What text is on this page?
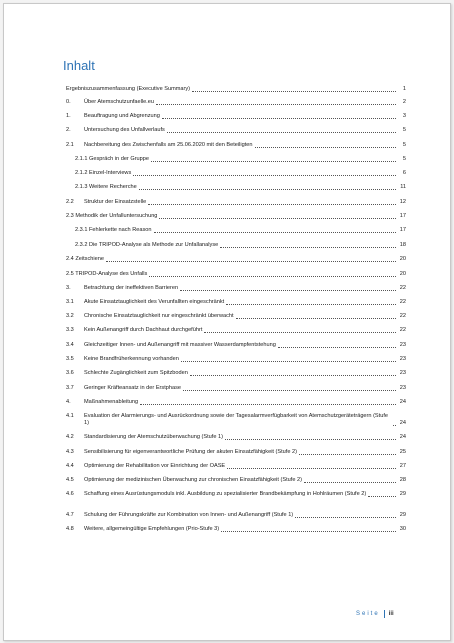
Inhalt
Ergebniszusammenfassung (Executive Summary)	1
0.	Über Atemschutzunfaelle.eu	2
1.	Beauftragung und Abgrenzung	3
2.	Untersuchung des Unfallverlaufs	5
2.1	Nachbereitung des Zwischenfalls am 25.06.2020 mit den Beteiligten	5
2.1.1 Gespräch in der Gruppe	5
2.1.2 Einzel-Interviews	6
2.1.3 Weitere Recherche	11
2.2	Struktur der Einsatzstelle	12
2.3 Methodik der Unfalluntersuchung	17
2.3.1 Fehlerkette nach Reason	17
2.3.2 Die TRIPOD-Analyse als Methode zur Unfallanalyse	18
2.4 Zeitschiene	20
2.5 TRIPOD-Analyse des Unfalls	20
3.	Betrachtung der ineffektiven Barrieren	22
3.1	Akute Einsatztauglichkeit des Verunfallten eingeschränkt	22
3.2	Chronische Einsatztauglichkeit nur eingeschränkt überwacht	22
3.3	Kein Außenangriff durch Dachhaut durchgeführt	22
3.4	Gleichzeitiger Innen- und Außenangriff mit massiver Wasserdampfentstehung	23
3.5	Keine Brandfrüherkennung vorhanden	23
3.6	Schlechte Zugänglichkeit zum Spitzboden	23
3.7	Geringer Kräfteansatz in der Erstphase	23
4.	Maßnahmenableitung	24
4.1	Evaluation der Alarmierungs- und Ausrückordnung sowie der Tagesalarmverfügbarkeit von Atemschutzgeräteträgern (Stufe 1)	24
4.2	Standardisierung der Atemschutzüberwachung (Stufe 1)	24
4.3	Sensibilisierung für eigenverantwortliche Prüfung der akuten Einsatzfähigkeit (Stufe 2)	25
4.4	Optimierung der Rehabilitation vor Einrichtung der OASE	27
4.5	Optimierung der medizinischen Überwachung zur chronischen Einsatzfähigkeit (Stufe 2)	28
4.6	Schaffung eines Ausrüstungsmoduls inkl. Ausbildung zu spezialisierter Brandbekämpfung in Hohlräumen (Stufe 2)	29
4.7	Schulung der Führungskräfte zur Kombination von Innen- und Außenangriff (Stufe 1)	29
4.8	Weitere, allgemeingültige Empfehlungen (Prio-Stufe 3)	30
Seite iii
